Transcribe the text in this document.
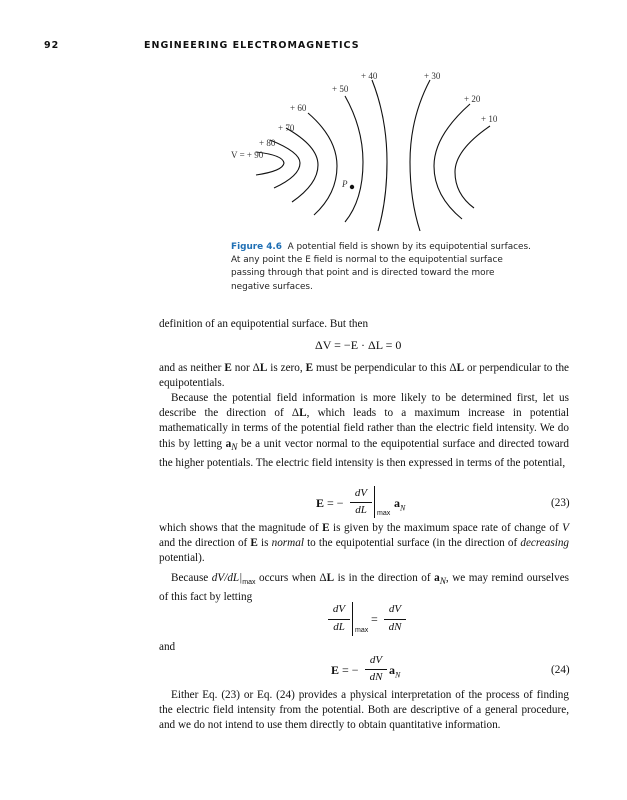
92	ENGINEERING ELECTROMAGNETICS
+ 40	+ 30
+ 50
+ 20
+ 10
+ 60
+ 70
+ 80
V = + 90
P
Figure 4.6 A potential field is shown by its equipotential surfaces. At any point the E field is normal to the equipotential surface passing through that point and is directed toward the more negative surfaces.

definition of an equipotential surface. But then

ΔV = −E · ΔL = 0

and as neither E nor ΔL is zero, E must be perpendicular to this ΔL or perpendicular to the equipotentials.

Because the potential field information is more likely to be determined first, let us describe the direction of ΔL, which leads to a maximum increase in potential mathematically in terms of the potential field rather than the electric field intensity. We do this by letting $a_N$ be a unit vector normal to the equipotential surface and directed toward the higher potentials. The electric field intensity is then expressed in terms of the potential,

E = −
dV
dL	max
$a_N$	(23)

which shows that the magnitude of E is given by the maximum space rate of change of V and the direction of E is normal to the equipotential surface (in the direction of decreasing potential).

Because $dV/dL|_{max}$ occurs when ΔL is in the direction of $a_N$, we may remind ourselves of this fact by letting

dV
dL	max
=
dV
dN

and

E = −
dV
dN $a_N$	(24)

Either Eq. (23) or Eq. (24) provides a physical interpretation of the process of finding the electric field intensity from the potential. Both are descriptive of a general procedure, and we do not intend to use them directly to obtain quantitative information.
